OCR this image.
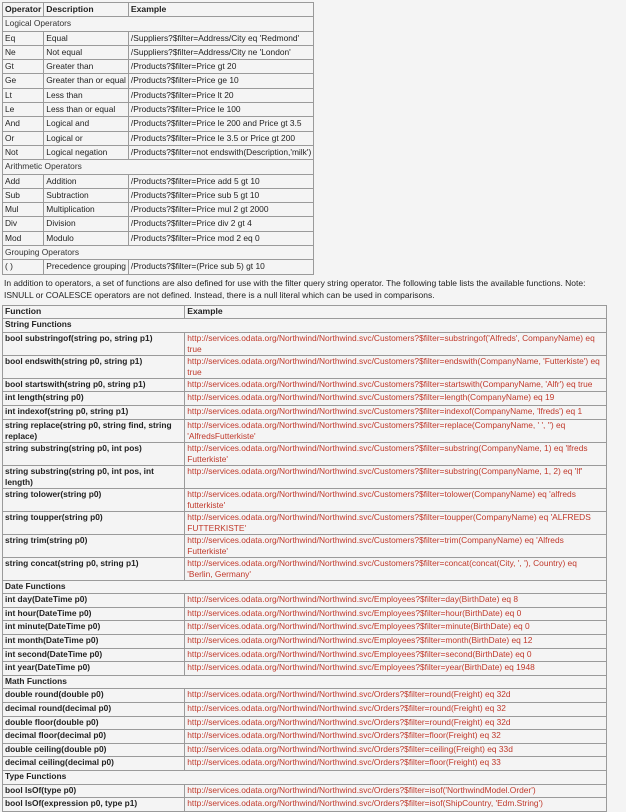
Operator	Description	Example
Logical Operators		
Eq	Equal	/Suppliers?$filter=Address/City eq 'Redmond'
Ne	Not equal	/Suppliers?$filter=Address/City ne 'London'
Gt	Greater than	/Products?$filter=Price gt 20
Ge	Greater than or equal	/Products?$filter=Price ge 10
Lt	Less than	/Products?$filter=Price lt 20
Le	Less than or equal	/Products?$filter=Price le 100
And	Logical and	/Products?$filter=Price le 200 and Price gt 3.5
Or	Logical or	/Products?$filter=Price le 3.5 or Price gt 200
Not	Logical negation	/Products?$filter=not endswith(Description,'milk')
Arithmetic Operators		
Add	Addition	/Products?$filter=Price add 5 gt 10
Sub	Subtraction	/Products?$filter=Price sub 5 gt 10
Mul	Multiplication	/Products?$filter=Price mul 2 gt 2000
Div	Division	/Products?$filter=Price div 2 gt 4
Mod	Modulo	/Products?$filter=Price mod 2 eq 0
Grouping Operators		
( )	Precedence grouping	/Products?$filter=(Price sub 5) gt 10

In addition to operators, a set of functions are also defined for use with the filter query string operator. The following table lists the available functions. Note: ISNULL or COALESCE operators are not defined. Instead, there is a null literal which can be used in comparisons.

Function	Example
String Functions	
bool substringof(string po, string p1)	http://services.odata.org/Northwind/Northwind.svc/Customers?$filter=substringof('Alfreds', CompanyName) eq true
bool endswith(string p0, string p1)	http://services.odata.org/Northwind/Northwind.svc/Customers?$filter=endswith(CompanyName, 'Futterkiste') eq true
bool startswith(string p0, string p1)	http://services.odata.org/Northwind/Northwind.svc/Customers?$filter=startswith(CompanyName, 'Alfr') eq true
int length(string p0)	http://services.odata.org/Northwind/Northwind.svc/Customers?$filter=length(CompanyName) eq 19
int indexof(string p0, string p1)	http://services.odata.org/Northwind/Northwind.svc/Customers?$filter=indexof(CompanyName, 'lfreds') eq 1
string replace(string p0, string find, string replace)	http://services.odata.org/Northwind/Northwind.svc/Customers?$filter=replace(CompanyName, ' ', '') eq 'AlfredsFutterkiste'
string substring(string p0, int pos)	http://services.odata.org/Northwind/Northwind.svc/Customers?$filter=substring(CompanyName, 1) eq 'lfreds Futterkiste'
string substring(string p0, int pos, int length)	http://services.odata.org/Northwind/Northwind.svc/Customers?$filter=substring(CompanyName, 1, 2) eq 'lf'
string tolower(string p0)	http://services.odata.org/Northwind/Northwind.svc/Customers?$filter=tolower(CompanyName) eq 'alfreds futterkiste'
string toupper(string p0)	http://services.odata.org/Northwind/Northwind.svc/Customers?$filter=toupper(CompanyName) eq 'ALFREDS FUTTERKISTE'
string trim(string p0)	http://services.odata.org/Northwind/Northwind.svc/Customers?$filter=trim(CompanyName) eq 'Alfreds Futterkiste'
string concat(string p0, string p1)	http://services.odata.org/Northwind/Northwind.svc/Customers?$filter=concat(concat(City, ', '), Country) eq 'Berlin, Germany'
Date Functions	
int day(DateTime p0)	http://services.odata.org/Northwind/Northwind.svc/Employees?$filter=day(BirthDate) eq 8
int hour(DateTime p0)	http://services.odata.org/Northwind/Northwind.svc/Employees?$filter=hour(BirthDate) eq 0
int minute(DateTime p0)	http://services.odata.org/Northwind/Northwind.svc/Employees?$filter=minute(BirthDate) eq 0
int month(DateTime p0)	http://services.odata.org/Northwind/Northwind.svc/Employees?$filter=month(BirthDate) eq 12
int second(DateTime p0)	http://services.odata.org/Northwind/Northwind.svc/Employees?$filter=second(BirthDate) eq 0
int year(DateTime p0)	http://services.odata.org/Northwind/Northwind.svc/Employees?$filter=year(BirthDate) eq 1948
Math Functions	
double round(double p0)	http://services.odata.org/Northwind/Northwind.svc/Orders?$filter=round(Freight) eq 32d
decimal round(decimal p0)	http://services.odata.org/Northwind/Northwind.svc/Orders?$filter=round(Freight) eq 32
double floor(double p0)	http://services.odata.org/Northwind/Northwind.svc/Orders?$filter=round(Freight) eq 32d
decimal floor(decimal p0)	http://services.odata.org/Northwind/Northwind.svc/Orders?$filter=floor(Freight) eq 32
double ceiling(double p0)	http://services.odata.org/Northwind/Northwind.svc/Orders?$filter=ceiling(Freight) eq 33d
decimal ceiling(decimal p0)	http://services.odata.org/Northwind/Northwind.svc/Orders?$filter=floor(Freight) eq 33
Type Functions	
bool IsOf(type p0)	http://services.odata.org/Northwind/Northwind.svc/Orders?$filter=isof('NorthwindModel.Order')
bool IsOf(expression p0, type p1)	http://services.odata.org/Northwind/Northwind.svc/Orders?$filter=isof(ShipCountry, 'Edm.String')
